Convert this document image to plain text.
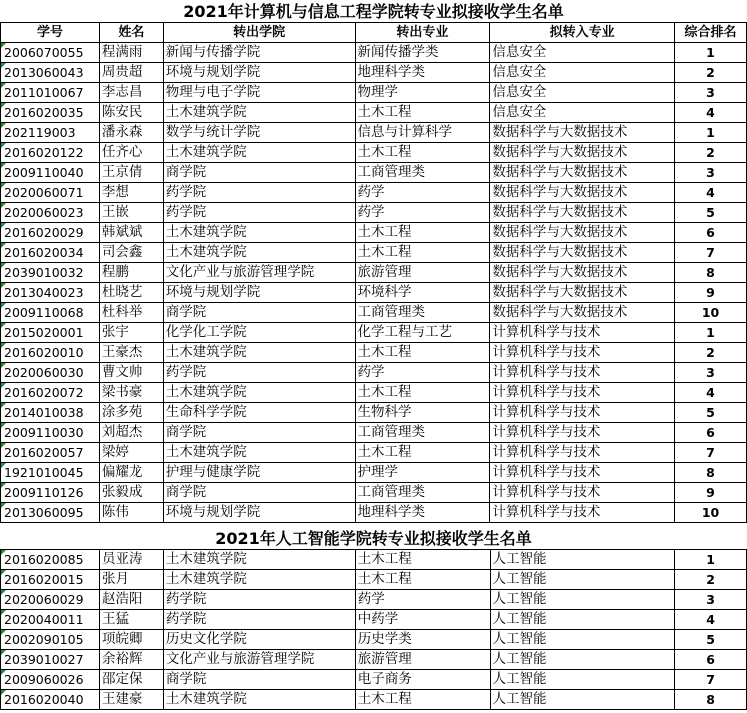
2021年计算机与信息工程学院转专业拟接收学生名单					
学号	姓名	转出学院	转出专业	拟转入专业	综合排名
2006070055	程满雨	新闻与传播学院	新闻传播学类	信息安全	1
2013060043	周贵超	环境与规划学院	地理科学类	信息安全	2
2011010067	李志昌	物理与电子学院	物理学	信息安全	3
2016020035	陈安民	土木建筑学院	土木工程	信息安全	4
202119003	潘永森	数学与统计学院	信息与计算科学	数据科学与大数据技术	1
2016020122	任齐心	土木建筑学院	土木工程	数据科学与大数据技术	2
2009110040	王京倩	商学院	工商管理类	数据科学与大数据技术	3
2020060071	李想	药学院	药学	数据科学与大数据技术	4
2020060023	王嵌	药学院	药学	数据科学与大数据技术	5
2016020029	韩斌斌	土木建筑学院	土木工程	数据科学与大数据技术	6
2016020034	司会鑫	土木建筑学院	土木工程	数据科学与大数据技术	7
2039010032	程鹏	文化产业与旅游管理学院	旅游管理	数据科学与大数据技术	8
2013040023	杜晓艺	环境与规划学院	环境科学	数据科学与大数据技术	9
2009110068	杜科举	商学院	工商管理类	数据科学与大数据技术	10
2015020001	张宇	化学化工学院	化学工程与工艺	计算机科学与技术	1
2016020010	王豪杰	土木建筑学院	土木工程	计算机科学与技术	2
2020060030	曹文帅	药学院	药学	计算机科学与技术	3
2016020072	梁书豪	土木建筑学院	土木工程	计算机科学与技术	4
2014010038	涂多苑	生命科学学院	生物科学	计算机科学与技术	5
2009110030	刘超杰	商学院	工商管理类	计算机科学与技术	6
2016020057	梁婷	土木建筑学院	土木工程	计算机科学与技术	7
1921010045	偏耀龙	护理与健康学院	护理学	计算机科学与技术	8
2009110126	张毅成	商学院	工商管理类	计算机科学与技术	9
2013060095	陈伟	环境与规划学院	地理科学类	计算机科学与技术	10
2021年人工智能学院转专业拟接收学生名单					
2016020085	员亚涛	土木建筑学院	土木工程	人工智能	1
2016020015	张月	土木建筑学院	土木工程	人工智能	2
2020060029	赵浩阳	药学院	药学	人工智能	3
2020040011	王猛	药学院	中药学	人工智能	4
2002090105	项皖卿	历史文化学院	历史学类	人工智能	5
2039010027	余裕辉	文化产业与旅游管理学院	旅游管理	人工智能	6
2009060026	邵定保	商学院	电子商务	人工智能	7
2016020040	王建豪	土木建筑学院	土木工程	人工智能	8
